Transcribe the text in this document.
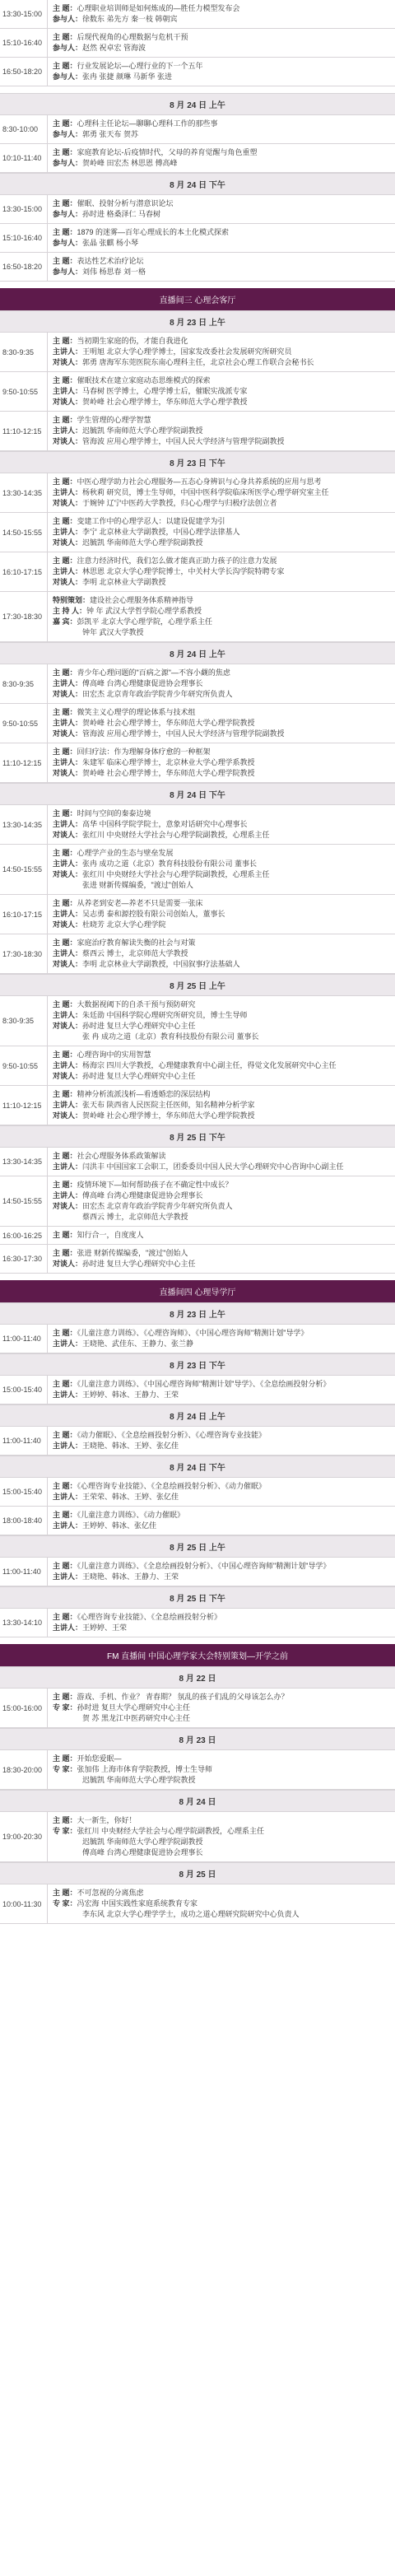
13:30-15:00
主 题：心理职业培训师是如何炼成的—胜任力模型发布会
参与人：徐数东 弟先方 秦一枝 韩朝宾
15:10-16:40
主 题：后现代视角的心理数据与危机干预
参与人：赵然 祝卓宏 管海波
16:50-18:20
主 题：行业发展论坛—心理行业的下一个五年
参与人：张冉 张捷 颜琳 马新华 张进
8 月 24 日 上午
8:30-10:00
主 题：心理科主任论坛—聊聊心理科工作的那些事
参与人：郭勇 张天布 贺苏
10:10-11:40
主 题：家庭教育论坛-后疫情时代，父母的养育觉醒与角色重塑
参与人：贺岭峰 田宏杰 林思恩 傅高峰
8 月 24 日 下午
13:30-15:00
主 题：催眠、投射分析与潜意识论坛
参与人：孙时进 格桑泽仁 马春树
15:10-16:40
主 题：1879 的迷雾—百年心理成长的本土化模式探索
参与人：张晶 张麒 杨小琴
16:50-18:20
主 题：表达性艺术治疗论坛
参与人：刘伟 杨思春 刘一格
直播间三 心理会客厅
8 月 23 日 上午
8:30-9:35
主 题：当初期生家庭的伤，才能自我进化
主讲人：王明旭 北京大学心理学博士，国家发改委社会发展研究所研究员
对谈人：郭勇 唐海军东莞医院东南心理科主任，北京社会心理工作联合会秘书长
9:50-10:55
主 题：催眠技术在建立家庭动态思维模式的探索
主讲人：马春树 医学博士，心理学博士后，催眠实战派专家
对谈人：贺岭峰 社会心理学博士，华东师范大学心理学教授
11:10-12:15
主 题：学生管理的心理学智慧
主讲人：迟毓凯 华南师范大学心理学院副教授
对谈人：管海波 应用心理学博士，中国人民大学经济与管理学院副教授
8 月 23 日 下午
13:30-14:35
主 题：中医心理学助力社会心理服务—五态心身辨识与心身共养系统的应用与思考
主讲人：杨秋莉 研究员，博士生导师，中国中医科学院临床所医学心理学研究室主任
对谈人：于婉钟 辽宁中医药大学教授，归心心理学与归极疗法创立者
14:50-15:55
主 题：变建工作中的心理学忍人：以建设促建学为引
主讲人：李宁 北京林业大学副教授，中国心理学法律基人
对谈人：迟毓凯 华南师范大学心理学院副教授
16:10-17:15
主 题：注意力经济时代，我们怎么做才能真正助力孩子的注意力发展
主讲人：林思恩 北京大学心理学院博士，中关村大学长沟学院特聘专家
对谈人：李明 北京林业大学副教授
17:30-18:30
特别策划：建设社会心理服务体系精神指导
主 持 人：钟 年 武汉大学哲学院心理学系教授
嘉 宾：彭凯平 北京大学心理学院，心理学系主任
钟年 武汉大学教授
8 月 24 日 上午
8:30-9:35
主 题：青少年心理问题的"百病之源"—不容小觑的焦虑
主讲人：傅高峰 台湾心理健康促进协会理事长
对谈人：田宏杰 北京青年政治学院青少年研究所负责人
9:50-10:55
主 题：微笑主义心理学的理论体系与技术组
主讲人：贺岭峰 社会心理学博士，华东师范大学心理学院教授
对谈人：管海波 应用心理学博士，中国人民大学经济与管理学院副教授
11:10-12:15
主 题：回归疗法：作为理解身体疗愈的一种框架
主讲人：朱建军 临床心理学博士，北京林业大学心理学系教授
对谈人：贺岭峰 社会心理学博士，华东师范大学心理学院教授
8 月 24 日 下午
13:30-14:35
主 题：时间与空间的秦泰边境
主讲人：高华 中国科学院学院士，意象对话研究中心理事长
对谈人：张红川 中央财经大学社会与心理学院副教授，心理系主任
14:50-15:55
主 题：心理学产业的生态与壁垒发展
主讲人：张冉 成功之道（北京）教育科技股份有限公司 董事长
对谈人：张红川 中央财经大学社会与心理学院副教授，心理系主任
张进 财新传媒编委，"渡过"创始人
16:10-17:15
主 题：从养老到安老—养老不只是需要一张床
主讲人：吴志勇 泰和源控股有限公司创始人，董事长
对谈人：杜晓芳 北京大学心理学院
17:30-18:30
主 题：家庭治疗教育解读失衡的社会与对策
主讲人：蔡西云 博士，北京师范大学教授
对谈人：李明 北京林业大学副教授，中国叙事疗法基础人
8 月 25 日 上午
8:30-9:35
主 题：大数据视阈下的自杀干预与预防研究
主讲人：朱廷劭 中国科学院心理研究所研究员，博士生导师
对谈人：孙时进 复旦大学心理研究中心主任
张 冉 成功之道（北京）教育科技股份有限公司 董事长
9:50-10:55
主 题：心理咨询中的实用智慧
主讲人：杨海宗 四川大学教授，心理健康教育中心副主任，得觉文化发展研究中心主任
对谈人：孙时进 复旦大学心理研究中心主任
11:10-12:15
主 题：精神分析流派浅析—看透婚恋的深层结构
主讲人：张天布 陕西省人民医院主任医师，知名精神分析学家
对谈人：贺岭峰 社会心理学博士，华东师范大学心理学院教授
8 月 25 日 下午
13:30-14:35
主 题：社会心理服务体系政策解读
主讲人：闫洪丰 中国国家工会职工，团委委员中国人民大学心理研究中心咨询中心副主任
14:50-15:55
主 题：疫情环境下—如何帮助孩子在不确定性中成长？
主讲人：傅高峰 台湾心理健康促进协会理事长
对谈人：田宏杰 北京青年政治学院青少年研究所负责人
蔡西云 博士，北京师范大学教授
16:00-16:25	主 题：知行合一，自度度人
16:30-17:30
主 题：张进 财新传媒编委，"渡过"创始人
对谈人：孙时进 复旦大学心理研究中心主任
直播间四 心理导学厅
8 月 23 日 上午
11:00-11:40
主 题：《儿童注意力训练》、《心理咨询师》、《中国心理咨询师"精测计划"导学》
主讲人：王晓艳、武佳东、王静力、张兰静
8 月 23 日 下午
15:00-15:40
主 题：《儿童注意力训练》、《中国心理咨询师"精测计划"导学》、《全息绘画投射分析》
主讲人：王婷婷、韩冰、王静力、王荣
8 月 24 日 上午
11:00-11:40
主 题：《动力催眠》、《全息绘画投射分析》、《心理咨询专业技能》
主讲人：王晓艳、韩冰、王婷、张亿佳
8 月 24 日 下午
15:00-15:40
主 题：《心理咨询专业技能》、《全息绘画投射分析》、《动力催眠》
主讲人：王荣荣、韩冰、王婷、张亿佳
18:00-18:40
主 题：《儿童注意力训练》、《动力催眠》
主讲人：王婷婷、韩冰、张亿佳
8 月 25 日 上午
11:00-11:40
主 题：《儿童注意力训练》、《全息绘画投射分析》、《中国心理咨询师"精测计划"导学》
主讲人：王晓艳、韩冰、王静力、王荣
8 月 25 日 下午
13:30-14:10
主 题：《心理咨询专业技能》、《全息绘画投射分析》
主讲人：王婷婷、王荣
FM 直播间 中国心理学家大会特别策划—开学之前
8 月 22 日
15:00-16:00
主 题：游戏、手机、作业？ 青春期？ 氛乱的孩子们乱的父母该怎么办？
专 家：孙时进 复旦大学心理研究中心主任
贺 苏 黑龙江中医药研究中心主任
8 月 23 日
18:30-20:00
主 题：开始您爱眠—
专 家：张加伟 上海市体育学院教授，博士生导师
迟毓凯 华南师范大学心理学院教授
8 月 24 日
19:00-20:30
主 题：大一新生，你好！
专 家：张红川 中央财经大学社会与心理学院副教授，心理系主任
迟毓凯 华南师范大学心理学院副教授
傅高峰 台湾心理健康促进协会理事长
8 月 25 日
10:00-11:30
主 题：不可忽视的分离焦虑
专 家：冯宏海 中国实践性家庭系统教育专家
李东风 北京大学心理学学士，成功之道心理研究院研究中心负责人
